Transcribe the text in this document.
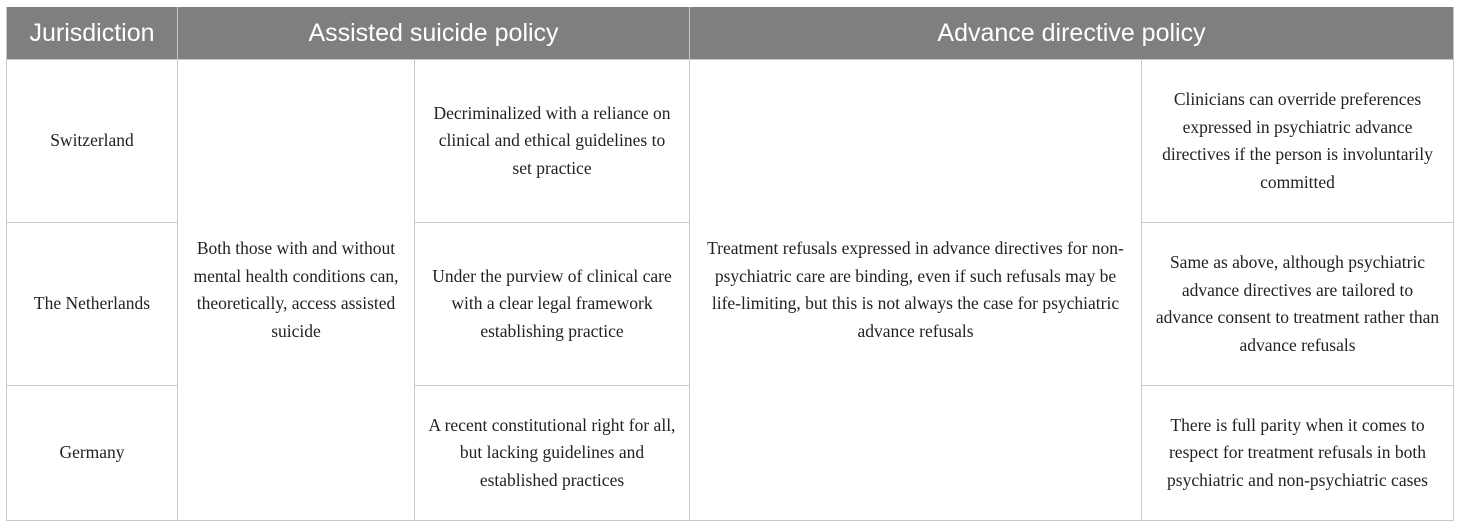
Jurisdiction	Assisted suicide policy		Advance directive policy	
Switzerland	Both those with and without mental health conditions can, theoretically, access assisted suicide	Decriminalized with a reliance on clinical and ethical guidelines to set practice	Treatment refusals expressed in advance directives for non-psychiatric care are binding, even if such refusals may be life-limiting, but this is not always the case for psychiatric advance refusals	Clinicians can override preferences expressed in psychiatric advance directives if the person is involuntarily committed
The Netherlands		Under the purview of clinical care with a clear legal framework establishing practice		Same as above, although psychiatric advance directives are tailored to advance consent to treatment rather than advance refusals
Germany		A recent constitutional right for all, but lacking guidelines and established practices		There is full parity when it comes to respect for treatment refusals in both psychiatric and non-psychiatric cases
